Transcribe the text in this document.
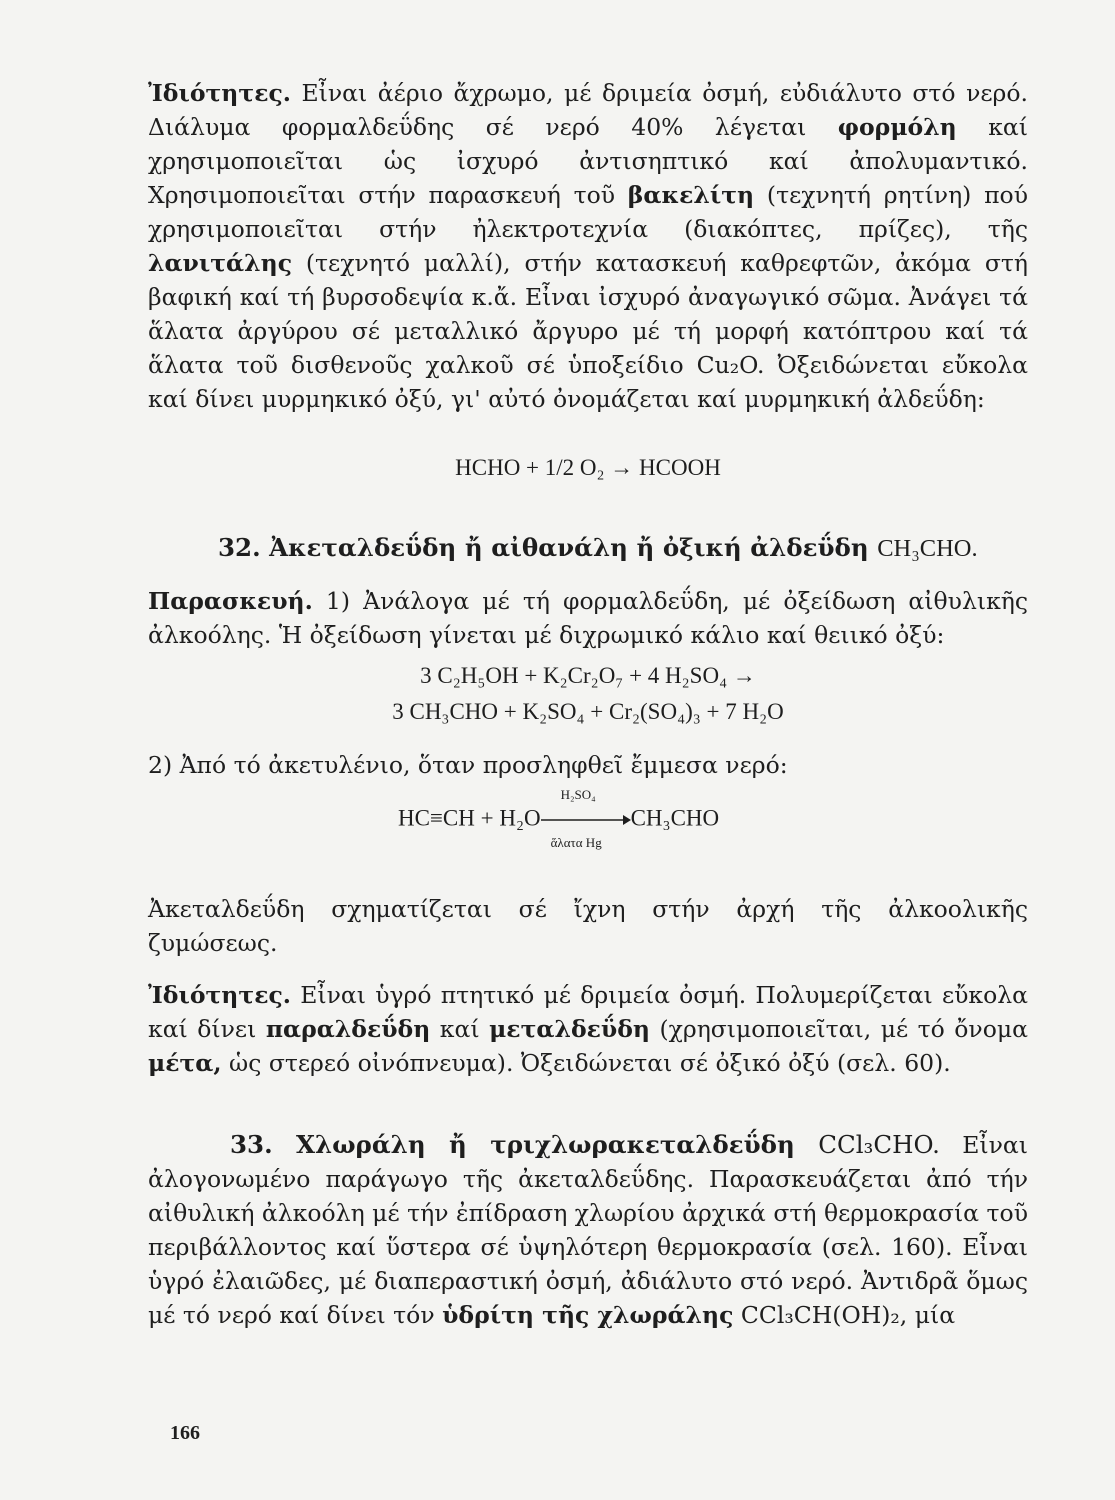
Ἰδιότητες. Εἶναι ἀέριο ἄχρωμο, μέ δριμεία ὀσμή, εὐδιάλυτο στό νερό. Διάλυμα φορμαλδεΰδης σέ νερό 40% λέγεται φορμόλη καί χρησιμοποιεῖται ὡς ἰσχυρό ἀντισηπτικό καί ἀπολυμαντικό. Χρησιμοποιεῖται στήν παρασκευή τοῦ βακελίτη (τεχνητή ρητίνη) πού χρησιμοποιεῖται στήν ἠλεκτροτεχνία (διακόπτες, πρίζες), τῆς λανιτάλης (τεχνητό μαλλί), στήν κατασκευή καθρεφτῶν, ἀκόμα στή βαφική καί τή βυρσοδεψία κ.ἄ. Εἶναι ἰσχυρό ἀναγωγικό σῶμα. Ἀνάγει τά ἅλατα ἀργύρου σέ μεταλλικό ἄργυρο μέ τή μορφή κατόπτρου καί τά ἅλατα τοῦ δισθενοῦς χαλκοῦ σέ ὑποξείδιο Cu₂O. Ὀξειδώνεται εὔκολα καί δίνει μυρμηκικό ὀξύ, γι' αὐτό ὀνομάζεται καί μυρμηκική ἀλδεΰδη:

HCHO + 1/2 O₂ → HCOOH
32. Ἀκεταλδεΰδη ἤ αἰθανάλη ἤ ὀξική ἀλδεΰδη CH₃CHO.

Παρασκευή. 1) Ἀνάλογα μέ τή φορμαλδεΰδη, μέ ὀξείδωση αἰθυλικῆς ἀλκοόλης. Ἡ ὀξείδωση γίνεται μέ διχρωμικό κάλιο καί θειικό ὀξύ:

3 C₂H₅OH + K₂Cr₂O₇ + 4 H₂SO₄ →
3 CH₃CHO + K₂SO₄ + Cr₂(SO₄)₃ + 7 H₂O

2) Ἀπό τό ἀκετυλένιο, ὅταν προσληφθεῖ ἔμμεσα νερό:

HC≡CH + H₂O
H₂SO₄
ἅλατα Hg
CH₃CHO

Ἀκεταλδεΰδη σχηματίζεται σέ ἴχνη στήν ἀρχή τῆς ἀλκοολικῆς ζυμώσεως.

Ἰδιότητες. Εἶναι ὑγρό πτητικό μέ δριμεία ὀσμή. Πολυμερίζεται εὔκολα καί δίνει παραλδεΰδη καί μεταλδεΰδη (χρησιμοποιεῖται, μέ τό ὄνομα μέτα, ὡς στερεό οἰνόπνευμα). Ὀξειδώνεται σέ ὀξικό ὀξύ (σελ. 60).

33. Χλωράλη ἤ τριχλωρακεταλδεΰδη CCl₃CHO. Εἶναι ἀλογονωμένο παράγωγο τῆς ἀκεταλδεΰδης. Παρασκευάζεται ἀπό τήν αἰθυλική ἀλκοόλη μέ τήν ἐπίδραση χλωρίου ἀρχικά στή θερμοκρασία τοῦ περιβάλλοντος καί ὕστερα σέ ὑψηλότερη θερμοκρασία (σελ. 160). Εἶναι ὑγρό ἐλαιῶδες, μέ διαπεραστική ὀσμή, ἀδιάλυτο στό νερό. Ἀντιδρᾶ ὅμως μέ τό νερό καί δίνει τόν ὑδρίτη τῆς χλωράλης CCl₃CH(OH)₂, μία

166
